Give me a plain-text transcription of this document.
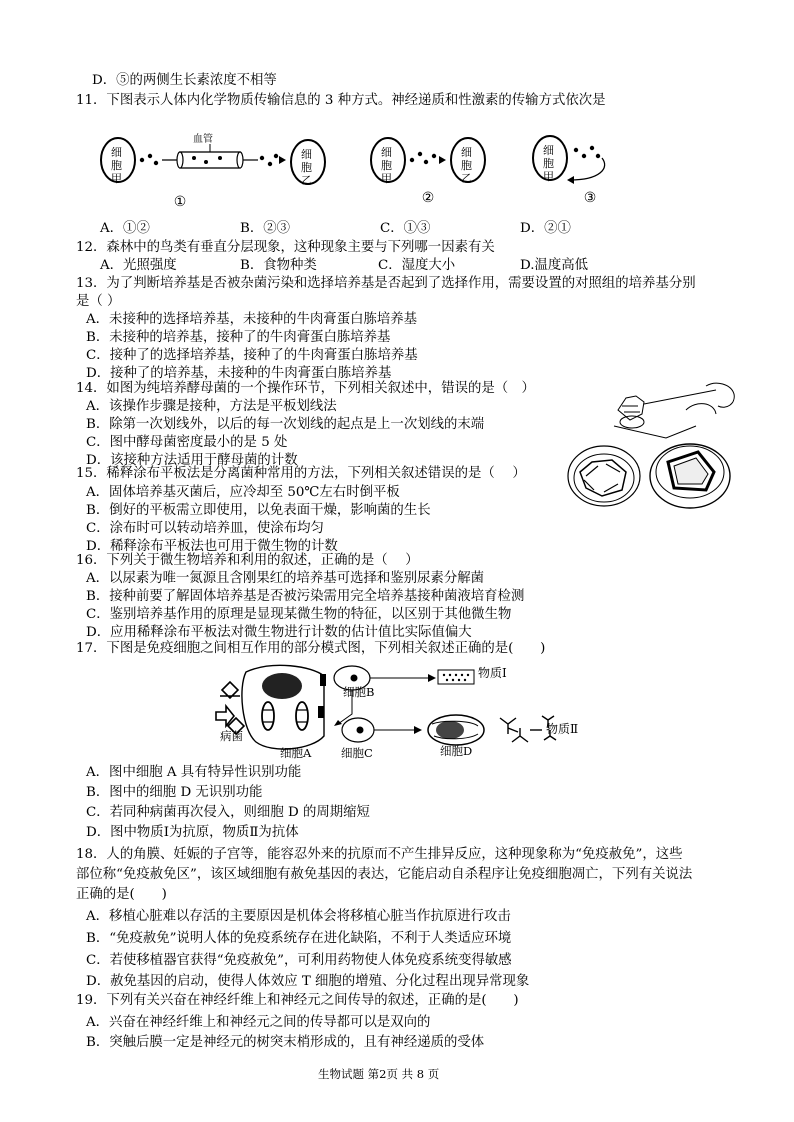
D．⑤的两侧生长素浓度不相等
11．下图表示人体内化学物质传输信息的 3 种方式。神经递质和性激素的传输方式依次是
血管
①	②	③
细胞甲
细胞乙
细胞甲
细胞乙
细胞甲
A．①②	B．②③	C．①③	D．②①
12．森林中的鸟类有垂直分层现象，这种现象主要与下列哪一因素有关
A．光照强度	B．食物种类	C．湿度大小	D.温度高低
13．为了判断培养基是否被杂菌污染和选择培养基是否起到了选择作用，需要设置的对照组的培养基分别
是（ ）
A．未接种的选择培养基，未接种的牛肉膏蛋白胨培养基
B．未接种的培养基，接种了的牛肉膏蛋白胨培养基
C．接种了的选择培养基，接种了的牛肉膏蛋白胨培养基
D．接种了的培养基，未接种的牛肉膏蛋白胨培养基
14．如图为纯培养酵母菌的一个操作环节，下列相关叙述中，错误的是（　）
A．该操作步骤是接种，方法是平板划线法
B．除第一次划线外，以后的每一次划线的起点是上一次划线的末端
C．图中酵母菌密度最小的是 5 处
D．该接种方法适用于酵母菌的计数
15．稀释涂布平板法是分离菌种常用的方法，下列相关叙述错误的是（　 ）
A．固体培养基灭菌后，应冷却至 50℃左右时倒平板
B．倒好的平板需立即使用，以免表面干燥，影响菌的生长
C．涂布时可以转动培养皿，使涂布均匀
D．稀释涂布平板法也可用于微生物的计数
16．下列关于微生物培养和利用的叙述，正确的是（　 ）
A．以尿素为唯一氮源且含刚果红的培养基可选择和鉴别尿素分解菌
B．接种前要了解固体培养基是否被污染需用完全培养基接种菌液培育检测
C．鉴别培养基作用的原理是显现某微生物的特征，以区别于其他微生物
D．应用稀释涂布平板法对微生物进行计数的估计值比实际值偏大
17．下图是免疫细胞之间相互作用的部分模式图，下列相关叙述正确的是(　　)
物质Ⅰ
细胞B
物质Ⅱ
病菌
细胞A	细胞C	细胞D
A．图中细胞 A 具有特异性识别功能
B．图中的细胞 D 无识别功能
C．若同种病菌再次侵入，则细胞 D 的周期缩短
D．图中物质Ⅰ为抗原，物质Ⅱ为抗体
18．人的角膜、妊娠的子宫等，能容忍外来的抗原而不产生排异反应，这种现象称为“免疫赦免”，这些
部位称“免疫赦免区”，该区域细胞有赦免基因的表达，它能启动自杀程序让免疫细胞凋亡，下列有关说法
正确的是(　　)
A．移植心脏难以存活的主要原因是机体会将移植心脏当作抗原进行攻击
B．“免疫赦免”说明人体的免疫系统存在进化缺陷，不利于人类适应环境
C．若使移植器官获得“免疫赦免”，可利用药物使人体免疫系统变得敏感
D．赦免基因的启动，使得人体效应 T 细胞的增殖、分化过程出现异常现象
19．下列有关兴奋在神经纤维上和神经元之间传导的叙述，正确的是(　　)
A．兴奋在神经纤维上和神经元之间的传导都可以是双向的
B．突触后膜一定是神经元的树突末梢形成的，且有神经递质的受体
生物试题 第2页 共 8 页
